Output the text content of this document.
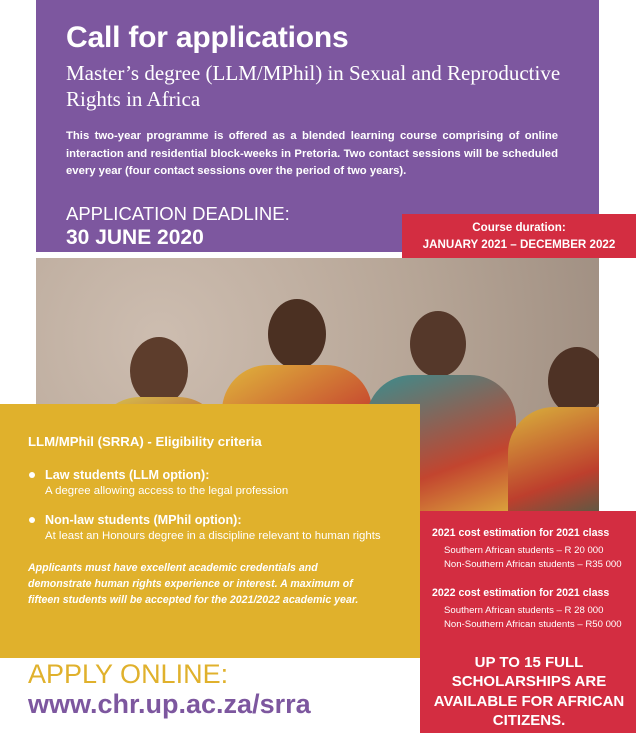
Call for applications
Master’s degree (LLM/MPhil) in Sexual and Reproductive Rights in Africa

This two-year programme is offered as a blended learning course comprising of online interaction and residential block-weeks in Pretoria. Two contact sessions will be scheduled every year (four contact sessions over the period of two years).

APPLICATION DEADLINE:

30 JUNE 2020	Course duration:
JANUARY 2021 – DECEMBER 2022
LLM/MPhil (SRRA) - Eligibility criteria
Law students (LLM option):
A degree allowing access to the legal profession
Non-law students (MPhil option):
At least an Honours degree in a discipline relevant to human rights

Applicants must have excellent academic credentials and demonstrate human rights experience or interest. A maximum of fifteen students will be accepted for the 2021/2022 academic year.

2021 cost estimation for 2021 class
Southern African students – R 20 000
Non-Southern African students – R35 000
2022 cost estimation for 2021 class
Southern African students – R 28 000
Non-Southern African students – R50 000

UP TO 15 FULL SCHOLARSHIPS ARE AVAILABLE FOR AFRICAN CITIZENS.

APPLY ONLINE:

www.chr.up.ac.za/srra
